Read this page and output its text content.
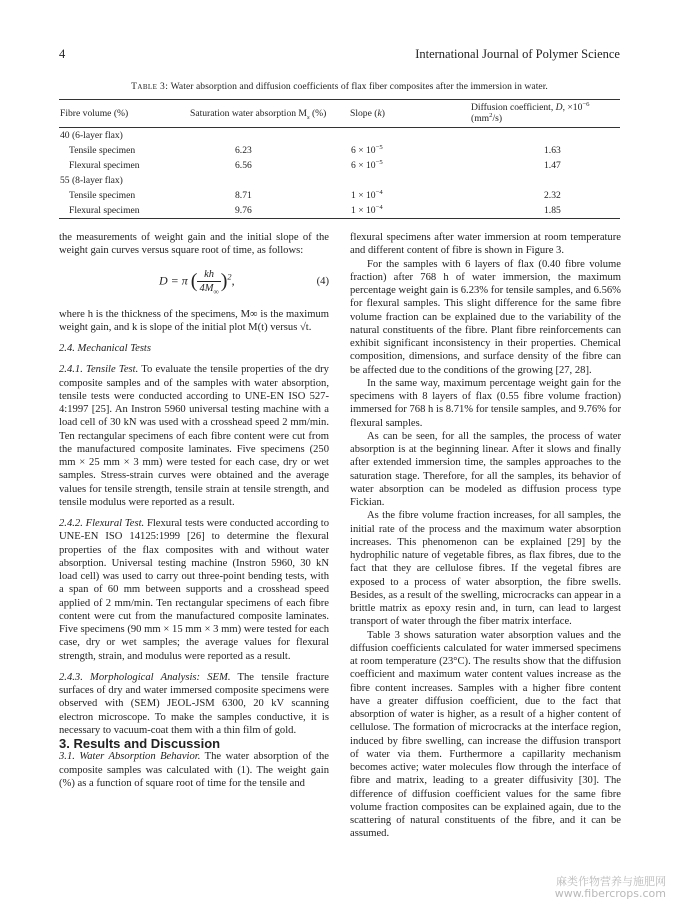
4	International Journal of Polymer Science
Table 3: Water absorption and diffusion coefficients of flax fiber composites after the immersion in water.
Fibre volume (%)	Saturation water absorption $M_s$ (%)	Slope (k)	Diffusion coefficient, D, $\times 10^{-6}$ $(mm^2/s)$
40 (6-layer flax)			
Tensile specimen	6.23	$6 \times 10^{-5}$	1.63
Flexural specimen	6.56	$6 \times 10^{-5}$	1.47
55 (8-layer flax)			
Tensile specimen	8.71	$1 \times 10^{-4}$	2.32
Flexural specimen	9.76	$1 \times 10^{-4}$	1.85

the measurements of weight gain and the initial slope of the weight gain curves versus square root of time, as follows:

D = π ( $\frac{kh}{4M_\infty} )^2$,	(4)

where h is the thickness of the specimens, M∞ is the maximum weight gain, and k is slope of the initial plot M(t) versus √t.

2.4. Mechanical Tests

2.4.1. Tensile Test. To evaluate the tensile properties of the dry composite samples and of the samples with water absorption, tensile tests were conducted according to UNE-EN ISO 527-4:1997 [25]. An Instron 5960 universal testing machine with a load cell of 30 kN was used with a crosshead speed 2 mm/min. Ten rectangular specimens of each fibre content were cut from the manufactured composite laminates. Five specimens (250 mm × 25 mm × 3 mm) were tested for each case, dry or wet samples. Stress-strain curves were obtained and the average values for tensile strength, tensile strain at tensile strength, and tensile modulus were reported as a result.

2.4.2. Flexural Test. Flexural tests were conducted according to UNE-EN ISO 14125:1999 [26] to determine the flexural properties of the flax composites with and without water absorption. Universal testing machine (Instron 5960, 30 kN load cell) was used to carry out three-point bending tests, with a span of 60 mm between supports and a crosshead speed applied of 2 mm/min. Ten rectangular specimens of each fibre content were cut from the manufactured composite laminates. Five specimens (90 mm × 15 mm × 3 mm) were tested for each case, dry or wet samples; the average values for flexural strength, strain, and modulus were reported as a result.

2.4.3. Morphological Analysis: SEM. The tensile fracture surfaces of dry and water immersed composite specimens were observed with (SEM) JEOL-JSM 6300, 20 kV scanning electron microscope. To make the samples conductive, it is necessary to vacuum-coat them with a thin film of gold.

3. Results and Discussion

3.1. Water Absorption Behavior. The water absorption of the composite samples was calculated with (1). The weight gain (%) as a function of square root of time for the tensile and

flexural specimens after water immersion at room temperature and different content of fibre is shown in Figure 3.

For the samples with 6 layers of flax (0.40 fibre volume fraction) after 768 h of water immersion, the maximum percentage weight gain is 6.23% for tensile samples, and 6.56% for flexural samples. This slight difference for the same fibre volume fraction can be explained due to the variability of the natural constituents of the fibre. Plant fibre reinforcements can exhibit significant inconsistency in their properties. Chemical composition, dimensions, and surface density of the fibre can be affected due to the conditions of the growing [27, 28].

In the same way, maximum percentage weight gain for the specimens with 8 layers of flax (0.55 fibre volume fraction) immersed for 768 h is 8.71% for tensile samples, and 9.76% for flexural samples.

As can be seen, for all the samples, the process of water absorption is at the beginning linear. After it slows and finally after extended immersion time, the samples approaches to the saturation stage. Therefore, for all the samples, its behavior of water absorption can be modeled as diffusion process type Fickian.

As the fibre volume fraction increases, for all samples, the initial rate of the process and the maximum water absorption increases. This phenomenon can be explained [29] by the hydrophilic nature of vegetable fibres, as flax fibres, due to the fact that they are cellulose fibres. If the vegetal fibres are exposed to a process of water absorption, the fibre swells. Besides, as a result of the swelling, microcracks can appear in a brittle matrix as epoxy resin and, in turn, can lead to largest transport of water through the fiber matrix interface.

Table 3 shows saturation water absorption values and the diffusion coefficients calculated for water immersed specimens at room temperature (23°C). The results show that the diffusion coefficient and maximum water content values increase as the fibre content increases. Samples with a higher fibre content have a greater diffusion coefficient, due to the fact that absorption of water is higher, as a result of a higher content of cellulose. The formation of microcracks at the interface region, induced by fibre swelling, can increase the diffusion transport of water via them. Furthermore a capillarity mechanism becomes active; water molecules flow through the interface of fibre and matrix, leading to a greater diffusivity [30]. The difference of diffusion coefficient values for the same fibre volume fraction composites can be explained again, due to the scattering of natural constituents of the fibre, and it can be assumed.

麻类作物营养与施肥网
www.fibercrops.com
